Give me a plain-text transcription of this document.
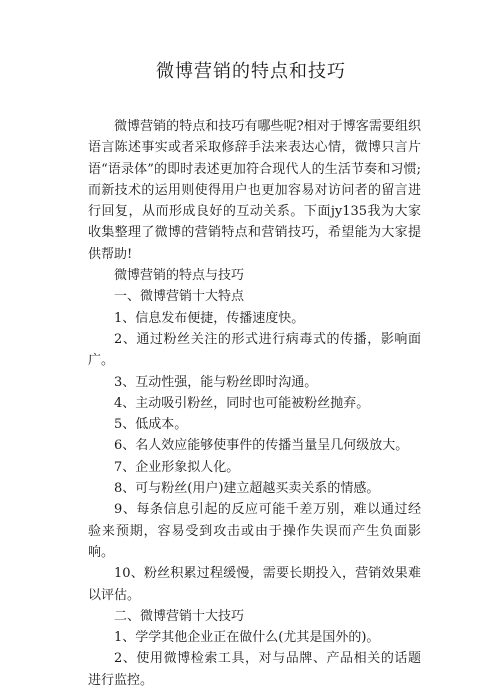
微博营销的特点和技巧

微博营销的特点和技巧有哪些呢?相对于博客需要组织语言陈述事实或者采取修辞手法来表达心情，微博只言片语“语录体”的即时表述更加符合现代人的生活节奏和习惯;而新技术的运用则使得用户也更加容易对访问者的留言进行回复，从而形成良好的互动关系。下面jy135我为大家收集整理了微博的营销特点和营销技巧，希望能为大家提供帮助!

微博营销的特点与技巧

一、微博营销十大特点

1、信息发布便捷，传播速度快。

2、通过粉丝关注的形式进行病毒式的传播，影响面广。

3、互动性强，能与粉丝即时沟通。

4、主动吸引粉丝，同时也可能被粉丝抛弃。

5、低成本。

6、名人效应能够使事件的传播当量呈几何级放大。

7、企业形象拟人化。

8、可与粉丝(用户)建立超越买卖关系的情感。

9、每条信息引起的反应可能千差万别，难以通过经验来预期，容易受到攻击或由于操作失误而产生负面影响。

10、粉丝积累过程缓慢，需要长期投入，营销效果难以评估。

二、微博营销十大技巧

1、学学其他企业正在做什么(尤其是国外的)。

2、使用微博检索工具，对与品牌、产品相关的话题进行监控。
